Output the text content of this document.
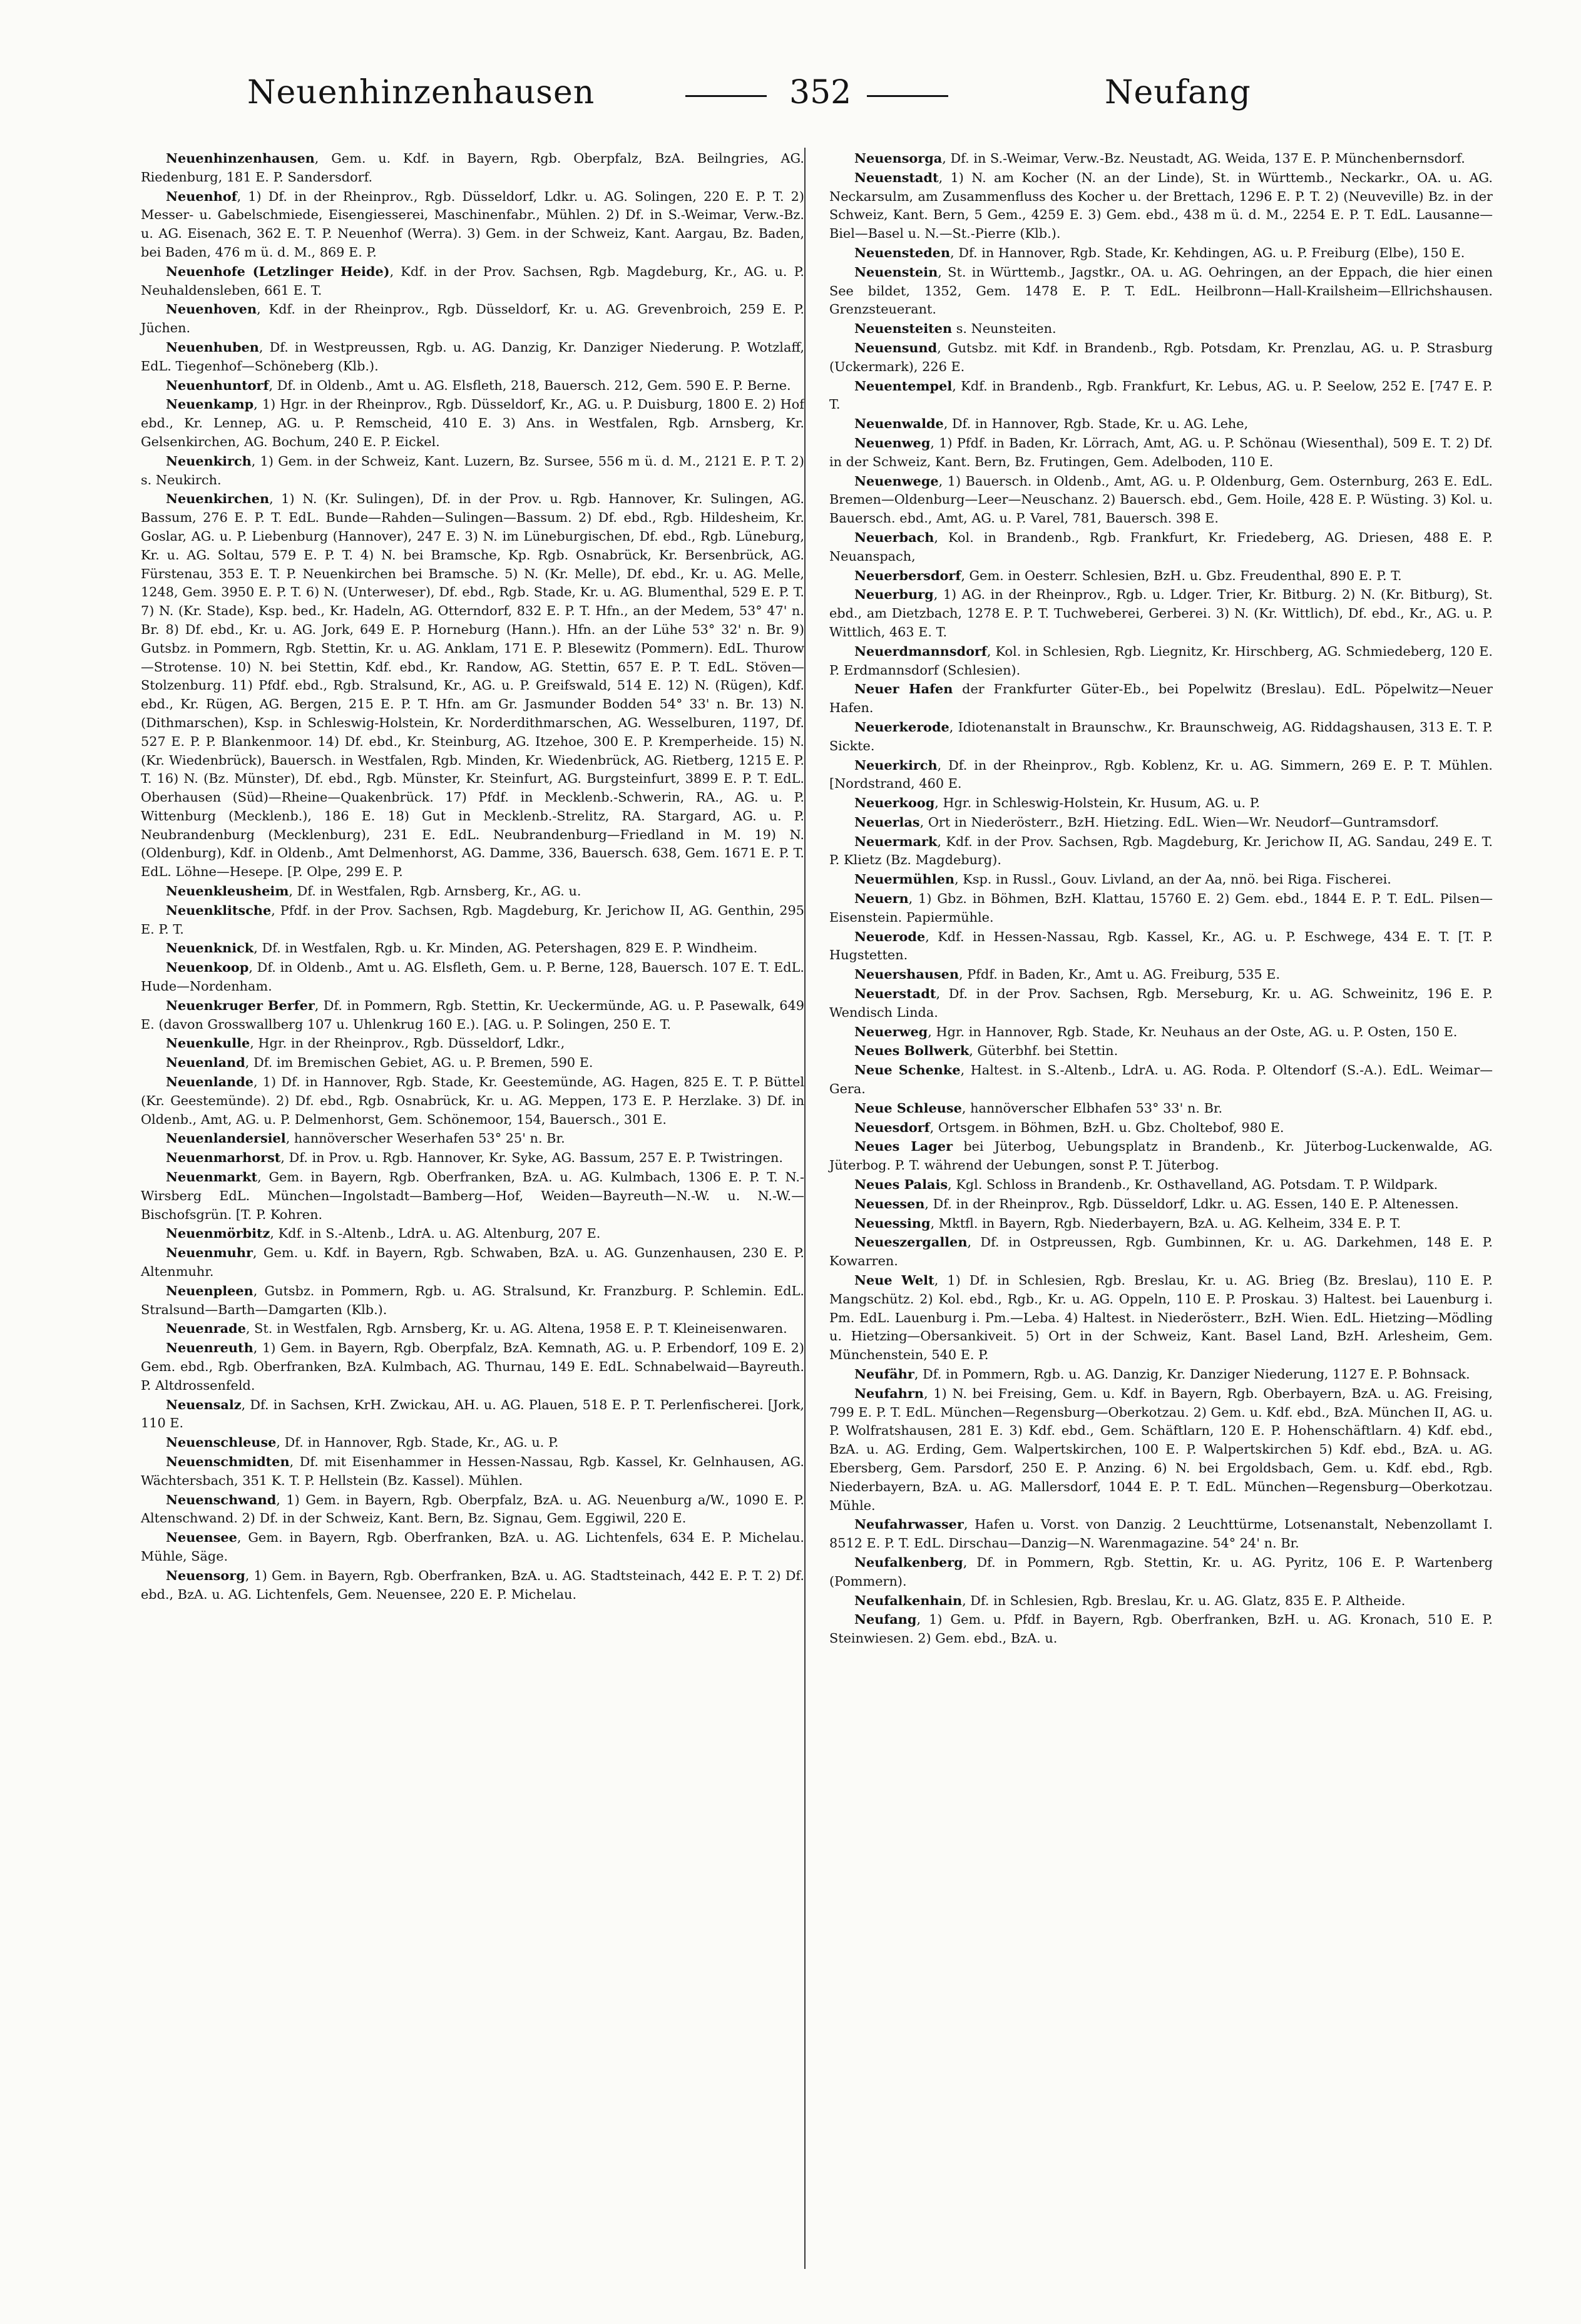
Neuenhinzenhausen	352	Neufang

Neuenhinzenhausen, Gem. u. Kdf. in Bayern, Rgb. Oberpfalz, BzA. Beilngries, AG. Riedenburg, 181 E. P. Sandersdorf.

Neuenhof, 1) Df. in der Rheinprov., Rgb. Düsseldorf, Ldkr. u. AG. Solingen, 220 E. P. T. 2) Messer- u. Gabelschmiede, Eisengiesserei, Maschinenfabr., Mühlen. 2) Df. in S.-Weimar, Verw.-Bz. u. AG. Eisenach, 362 E. T. P. Neuenhof (Werra). 3) Gem. in der Schweiz, Kant. Aargau, Bz. Baden, bei Baden, 476 m ü. d. M., 869 E. P.

Neuenhofe (Letzlinger Heide), Kdf. in der Prov. Sachsen, Rgb. Magdeburg, Kr., AG. u. P. Neuhaldensleben, 661 E. T.

Neuenhoven, Kdf. in der Rheinprov., Rgb. Düsseldorf, Kr. u. AG. Grevenbroich, 259 E. P. Jüchen.

Neuenhuben, Df. in Westpreussen, Rgb. u. AG. Danzig, Kr. Danziger Niederung. P. Wotzlaff, EdL. Tiegenhof—Schöneberg (Klb.).

Neuenhuntorf, Df. in Oldenb., Amt u. AG. Elsfleth, 218, Bauersch. 212, Gem. 590 E. P. Berne.

Neuenkamp, 1) Hgr. in der Rheinprov., Rgb. Düsseldorf, Kr., AG. u. P. Duisburg, 1800 E. 2) Hof ebd., Kr. Lennep, AG. u. P. Remscheid, 410 E. 3) Ans. in Westfalen, Rgb. Arnsberg, Kr. Gelsenkirchen, AG. Bochum, 240 E. P. Eickel.

Neuenkirch, 1) Gem. in der Schweiz, Kant. Luzern, Bz. Sursee, 556 m ü. d. M., 2121 E. P. T. 2) s. Neukirch.

Neuenkirchen, 1) N. (Kr. Sulingen), Df. in der Prov. u. Rgb. Hannover, Kr. Sulingen, AG. Bassum, 276 E. P. T. EdL. Bunde—Rahden—Sulingen—Bassum. 2) Df. ebd., Rgb. Hildesheim, Kr. Goslar, AG. u. P. Liebenburg (Hannover), 247 E. 3) N. im Lüneburgischen, Df. ebd., Rgb. Lüneburg, Kr. u. AG. Soltau, 579 E. P. T. 4) N. bei Bramsche, Kp. Rgb. Osnabrück, Kr. Bersenbrück, AG. Fürstenau, 353 E. T. P. Neuenkirchen bei Bramsche. 5) N. (Kr. Melle), Df. ebd., Kr. u. AG. Melle, 1248, Gem. 3950 E. P. T. 6) N. (Unterweser), Df. ebd., Rgb. Stade, Kr. u. AG. Blumenthal, 529 E. P. T. 7) N. (Kr. Stade), Ksp. bed., Kr. Hadeln, AG. Otterndorf, 832 E. P. T. Hfn., an der Medem, 53° 47' n. Br. 8) Df. ebd., Kr. u. AG. Jork, 649 E. P. Horneburg (Hann.). Hfn. an der Lühe 53° 32' n. Br. 9) Gutsbz. in Pommern, Rgb. Stettin, Kr. u. AG. Anklam, 171 E. P. Blesewitz (Pommern). EdL. Thurow—Strotense. 10) N. bei Stettin, Kdf. ebd., Kr. Randow, AG. Stettin, 657 E. P. T. EdL. Stöven—Stolzenburg. 11) Pfdf. ebd., Rgb. Stralsund, Kr., AG. u. P. Greifswald, 514 E. 12) N. (Rügen), Kdf. ebd., Kr. Rügen, AG. Bergen, 215 E. P. T. Hfn. am Gr. Jasmunder Bodden 54° 33' n. Br. 13) N. (Dithmarschen), Ksp. in Schleswig-Holstein, Kr. Norderdithmarschen, AG. Wesselburen, 1197, Df. 527 E. P. P. Blankenmoor. 14) Df. ebd., Kr. Steinburg, AG. Itzehoe, 300 E. P. Kremperheide. 15) N. (Kr. Wiedenbrück), Bauersch. in Westfalen, Rgb. Minden, Kr. Wiedenbrück, AG. Rietberg, 1215 E. P. T. 16) N. (Bz. Münster), Df. ebd., Rgb. Münster, Kr. Steinfurt, AG. Burgsteinfurt, 3899 E. P. T. EdL. Oberhausen (Süd)—Rheine—Quakenbrück. 17) Pfdf. in Mecklenb.-Schwerin, RA., AG. u. P. Wittenburg (Mecklenb.), 186 E. 18) Gut in Mecklenb.-Strelitz, RA. Stargard, AG. u. P. Neubrandenburg (Mecklenburg), 231 E. EdL. Neubrandenburg—Friedland in M. 19) N. (Oldenburg), Kdf. in Oldenb., Amt Delmenhorst, AG. Damme, 336, Bauersch. 638, Gem. 1671 E. P. T. EdL. Löhne—Hesepe. [P. Olpe, 299 E. P.

Neuenkleusheim, Df. in Westfalen, Rgb. Arnsberg, Kr., AG. u.

Neuenklitsche, Pfdf. in der Prov. Sachsen, Rgb. Magdeburg, Kr. Jerichow II, AG. Genthin, 295 E. P. T.

Neuenknick, Df. in Westfalen, Rgb. u. Kr. Minden, AG. Petershagen, 829 E. P. Windheim.

Neuenkoop, Df. in Oldenb., Amt u. AG. Elsfleth, Gem. u. P. Berne, 128, Bauersch. 107 E. T. EdL. Hude—Nordenham.

Neuenkruger Berfer, Df. in Pommern, Rgb. Stettin, Kr. Ueckermünde, AG. u. P. Pasewalk, 649 E. (davon Grosswallberg 107 u. Uhlenkrug 160 E.). [AG. u. P. Solingen, 250 E. T.

Neuenkulle, Hgr. in der Rheinprov., Rgb. Düsseldorf, Ldkr.,

Neuenland, Df. im Bremischen Gebiet, AG. u. P. Bremen, 590 E.

Neuenlande, 1) Df. in Hannover, Rgb. Stade, Kr. Geestemünde, AG. Hagen, 825 E. T. P. Büttel (Kr. Geestemünde). 2) Df. ebd., Rgb. Osnabrück, Kr. u. AG. Meppen, 173 E. P. Herzlake. 3) Df. in Oldenb., Amt, AG. u. P. Delmenhorst, Gem. Schönemoor, 154, Bauersch., 301 E.

Neuenlandersiel, hannöverscher Weserhafen 53° 25' n. Br.

Neuenmarhorst, Df. in Prov. u. Rgb. Hannover, Kr. Syke, AG. Bassum, 257 E. P. Twistringen.

Neuenmarkt, Gem. in Bayern, Rgb. Oberfranken, BzA. u. AG. Kulmbach, 1306 E. P. T. N.-Wirsberg EdL. München—Ingolstadt—Bamberg—Hof, Weiden—Bayreuth—N.-W. u. N.-W.—Bischofsgrün. [T. P. Kohren.

Neuenmörbitz, Kdf. in S.-Altenb., LdrA. u. AG. Altenburg, 207 E.

Neuenmuhr, Gem. u. Kdf. in Bayern, Rgb. Schwaben, BzA. u. AG. Gunzenhausen, 230 E. P. Altenmuhr.

Neuenpleen, Gutsbz. in Pommern, Rgb. u. AG. Stralsund, Kr. Franzburg. P. Schlemin. EdL. Stralsund—Barth—Damgarten (Klb.).

Neuenrade, St. in Westfalen, Rgb. Arnsberg, Kr. u. AG. Altena, 1958 E. P. T. Kleineisenwaren.

Neuenreuth, 1) Gem. in Bayern, Rgb. Oberpfalz, BzA. Kemnath, AG. u. P. Erbendorf, 109 E. 2) Gem. ebd., Rgb. Oberfranken, BzA. Kulmbach, AG. Thurnau, 149 E. EdL. Schnabelwaid—Bayreuth. P. Altdrossenfeld.

Neuensalz, Df. in Sachsen, KrH. Zwickau, AH. u. AG. Plauen, 518 E. P. T. Perlenfischerei. [Jork, 110 E.

Neuenschleuse, Df. in Hannover, Rgb. Stade, Kr., AG. u. P.

Neuenschmidten, Df. mit Eisenhammer in Hessen-Nassau, Rgb. Kassel, Kr. Gelnhausen, AG. Wächtersbach, 351 K. T. P. Hellstein (Bz. Kassel). Mühlen.

Neuenschwand, 1) Gem. in Bayern, Rgb. Oberpfalz, BzA. u. AG. Neuenburg a/W., 1090 E. P. Altenschwand. 2) Df. in der Schweiz, Kant. Bern, Bz. Signau, Gem. Eggiwil, 220 E.

Neuensee, Gem. in Bayern, Rgb. Oberfranken, BzA. u. AG. Lichtenfels, 634 E. P. Michelau. Mühle, Säge.

Neuensorg, 1) Gem. in Bayern, Rgb. Oberfranken, BzA. u. AG. Stadtsteinach, 442 E. P. T. 2) Df. ebd., BzA. u. AG. Lichtenfels, Gem. Neuensee, 220 E. P. Michelau.

Neuensorga, Df. in S.-Weimar, Verw.-Bz. Neustadt, AG. Weida, 137 E. P. Münchenbernsdorf.

Neuenstadt, 1) N. am Kocher (N. an der Linde), St. in Württemb., Neckarkr., OA. u. AG. Neckarsulm, am Zusammenfluss des Kocher u. der Brettach, 1296 E. P. T. 2) (Neuveville) Bz. in der Schweiz, Kant. Bern, 5 Gem., 4259 E. 3) Gem. ebd., 438 m ü. d. M., 2254 E. P. T. EdL. Lausanne—Biel—Basel u. N.—St.-Pierre (Klb.).

Neuensteden, Df. in Hannover, Rgb. Stade, Kr. Kehdingen, AG. u. P. Freiburg (Elbe), 150 E.

Neuenstein, St. in Württemb., Jagstkr., OA. u. AG. Oehringen, an der Eppach, die hier einen See bildet, 1352, Gem. 1478 E. P. T. EdL. Heilbronn—Hall-Krailsheim—Ellrichshausen. Grenzsteuerant.

Neuensteiten s. Neunsteiten.

Neuensund, Gutsbz. mit Kdf. in Brandenb., Rgb. Potsdam, Kr. Prenzlau, AG. u. P. Strasburg (Uckermark), 226 E.

Neuentempel, Kdf. in Brandenb., Rgb. Frankfurt, Kr. Lebus, AG. u. P. Seelow, 252 E. [747 E. P. T.

Neuenwalde, Df. in Hannover, Rgb. Stade, Kr. u. AG. Lehe,

Neuenweg, 1) Pfdf. in Baden, Kr. Lörrach, Amt, AG. u. P. Schönau (Wiesenthal), 509 E. T. 2) Df. in der Schweiz, Kant. Bern, Bz. Frutingen, Gem. Adelboden, 110 E.

Neuenwege, 1) Bauersch. in Oldenb., Amt, AG. u. P. Oldenburg, Gem. Osternburg, 263 E. EdL. Bremen—Oldenburg—Leer—Neuschanz. 2) Bauersch. ebd., Gem. Hoile, 428 E. P. Wüsting. 3) Kol. u. Bauersch. ebd., Amt, AG. u. P. Varel, 781, Bauersch. 398 E.

Neuerbach, Kol. in Brandenb., Rgb. Frankfurt, Kr. Friedeberg, AG. Driesen, 488 E. P. Neuanspach,

Neuerbersdorf, Gem. in Oesterr. Schlesien, BzH. u. Gbz. Freudenthal, 890 E. P. T.

Neuerburg, 1) AG. in der Rheinprov., Rgb. u. Ldger. Trier, Kr. Bitburg. 2) N. (Kr. Bitburg), St. ebd., am Dietzbach, 1278 E. P. T. Tuchweberei, Gerberei. 3) N. (Kr. Wittlich), Df. ebd., Kr., AG. u. P. Wittlich, 463 E. T.

Neuerdmannsdorf, Kol. in Schlesien, Rgb. Liegnitz, Kr. Hirschberg, AG. Schmiedeberg, 120 E. P. Erdmannsdorf (Schlesien).

Neuer Hafen der Frankfurter Güter-Eb., bei Popelwitz (Breslau). EdL. Pöpelwitz—Neuer Hafen.

Neuerkerode, Idiotenanstalt in Braunschw., Kr. Braunschweig, AG. Riddagshausen, 313 E. T. P. Sickte.

Neuerkirch, Df. in der Rheinprov., Rgb. Koblenz, Kr. u. AG. Simmern, 269 E. P. T. Mühlen. [Nordstrand, 460 E.

Neuerkoog, Hgr. in Schleswig-Holstein, Kr. Husum, AG. u. P.

Neuerlas, Ort in Niederösterr., BzH. Hietzing. EdL. Wien—Wr. Neudorf—Guntramsdorf.

Neuermark, Kdf. in der Prov. Sachsen, Rgb. Magdeburg, Kr. Jerichow II, AG. Sandau, 249 E. T. P. Klietz (Bz. Magdeburg).

Neuermühlen, Ksp. in Russl., Gouv. Livland, an der Aa, nnö. bei Riga. Fischerei.

Neuern, 1) Gbz. in Böhmen, BzH. Klattau, 15760 E. 2) Gem. ebd., 1844 E. P. T. EdL. Pilsen—Eisenstein. Papiermühle.

Neuerode, Kdf. in Hessen-Nassau, Rgb. Kassel, Kr., AG. u. P. Eschwege, 434 E. T. [T. P. Hugstetten.

Neuershausen, Pfdf. in Baden, Kr., Amt u. AG. Freiburg, 535 E.

Neuerstadt, Df. in der Prov. Sachsen, Rgb. Merseburg, Kr. u. AG. Schweinitz, 196 E. P. Wendisch Linda.

Neuerweg, Hgr. in Hannover, Rgb. Stade, Kr. Neuhaus an der Oste, AG. u. P. Osten, 150 E.

Neues Bollwerk, Güterbhf. bei Stettin.

Neue Schenke, Haltest. in S.-Altenb., LdrA. u. AG. Roda. P. Oltendorf (S.-A.). EdL. Weimar—Gera.

Neue Schleuse, hannöverscher Elbhafen 53° 33' n. Br.

Neuesdorf, Ortsgem. in Böhmen, BzH. u. Gbz. Choltebof, 980 E.

Neues Lager bei Jüterbog, Uebungsplatz in Brandenb., Kr. Jüterbog-Luckenwalde, AG. Jüterbog. P. T. während der Uebungen, sonst P. T. Jüterbog.

Neues Palais, Kgl. Schloss in Brandenb., Kr. Osthavelland, AG. Potsdam. T. P. Wildpark.

Neuessen, Df. in der Rheinprov., Rgb. Düsseldorf, Ldkr. u. AG. Essen, 140 E. P. Altenessen.

Neuessing, Mktfl. in Bayern, Rgb. Niederbayern, BzA. u. AG. Kelheim, 334 E. P. T.

Neueszergallen, Df. in Ostpreussen, Rgb. Gumbinnen, Kr. u. AG. Darkehmen, 148 E. P. Kowarren.

Neue Welt, 1) Df. in Schlesien, Rgb. Breslau, Kr. u. AG. Brieg (Bz. Breslau), 110 E. P. Mangschütz. 2) Kol. ebd., Rgb., Kr. u. AG. Oppeln, 110 E. P. Proskau. 3) Haltest. bei Lauenburg i. Pm. EdL. Lauenburg i. Pm.—Leba. 4) Haltest. in Niederösterr., BzH. Wien. EdL. Hietzing—Mödling u. Hietzing—Obersankiveit. 5) Ort in der Schweiz, Kant. Basel Land, BzH. Arlesheim, Gem. Münchenstein, 540 E. P.

Neufähr, Df. in Pommern, Rgb. u. AG. Danzig, Kr. Danziger Niederung, 1127 E. P. Bohnsack.

Neufahrn, 1) N. bei Freising, Gem. u. Kdf. in Bayern, Rgb. Oberbayern, BzA. u. AG. Freising, 799 E. P. T. EdL. München—Regensburg—Oberkotzau. 2) Gem. u. Kdf. ebd., BzA. München II, AG. u. P. Wolfratshausen, 281 E. 3) Kdf. ebd., Gem. Schäftlarn, 120 E. P. Hohenschäftlarn. 4) Kdf. ebd., BzA. u. AG. Erding, Gem. Walpertskirchen, 100 E. P. Walpertskirchen 5) Kdf. ebd., BzA. u. AG. Ebersberg, Gem. Parsdorf, 250 E. P. Anzing. 6) N. bei Ergoldsbach, Gem. u. Kdf. ebd., Rgb. Niederbayern, BzA. u. AG. Mallersdorf, 1044 E. P. T. EdL. München—Regensburg—Oberkotzau. Mühle.

Neufahrwasser, Hafen u. Vorst. von Danzig. 2 Leuchttürme, Lotsenanstalt, Nebenzollamt I. 8512 E. P. T. EdL. Dirschau—Danzig—N. Warenmagazine. 54° 24' n. Br.

Neufalkenberg, Df. in Pommern, Rgb. Stettin, Kr. u. AG. Pyritz, 106 E. P. Wartenberg (Pommern).

Neufalkenhain, Df. in Schlesien, Rgb. Breslau, Kr. u. AG. Glatz, 835 E. P. Altheide.

Neufang, 1) Gem. u. Pfdf. in Bayern, Rgb. Oberfranken, BzH. u. AG. Kronach, 510 E. P. Steinwiesen. 2) Gem. ebd., BzA. u.
